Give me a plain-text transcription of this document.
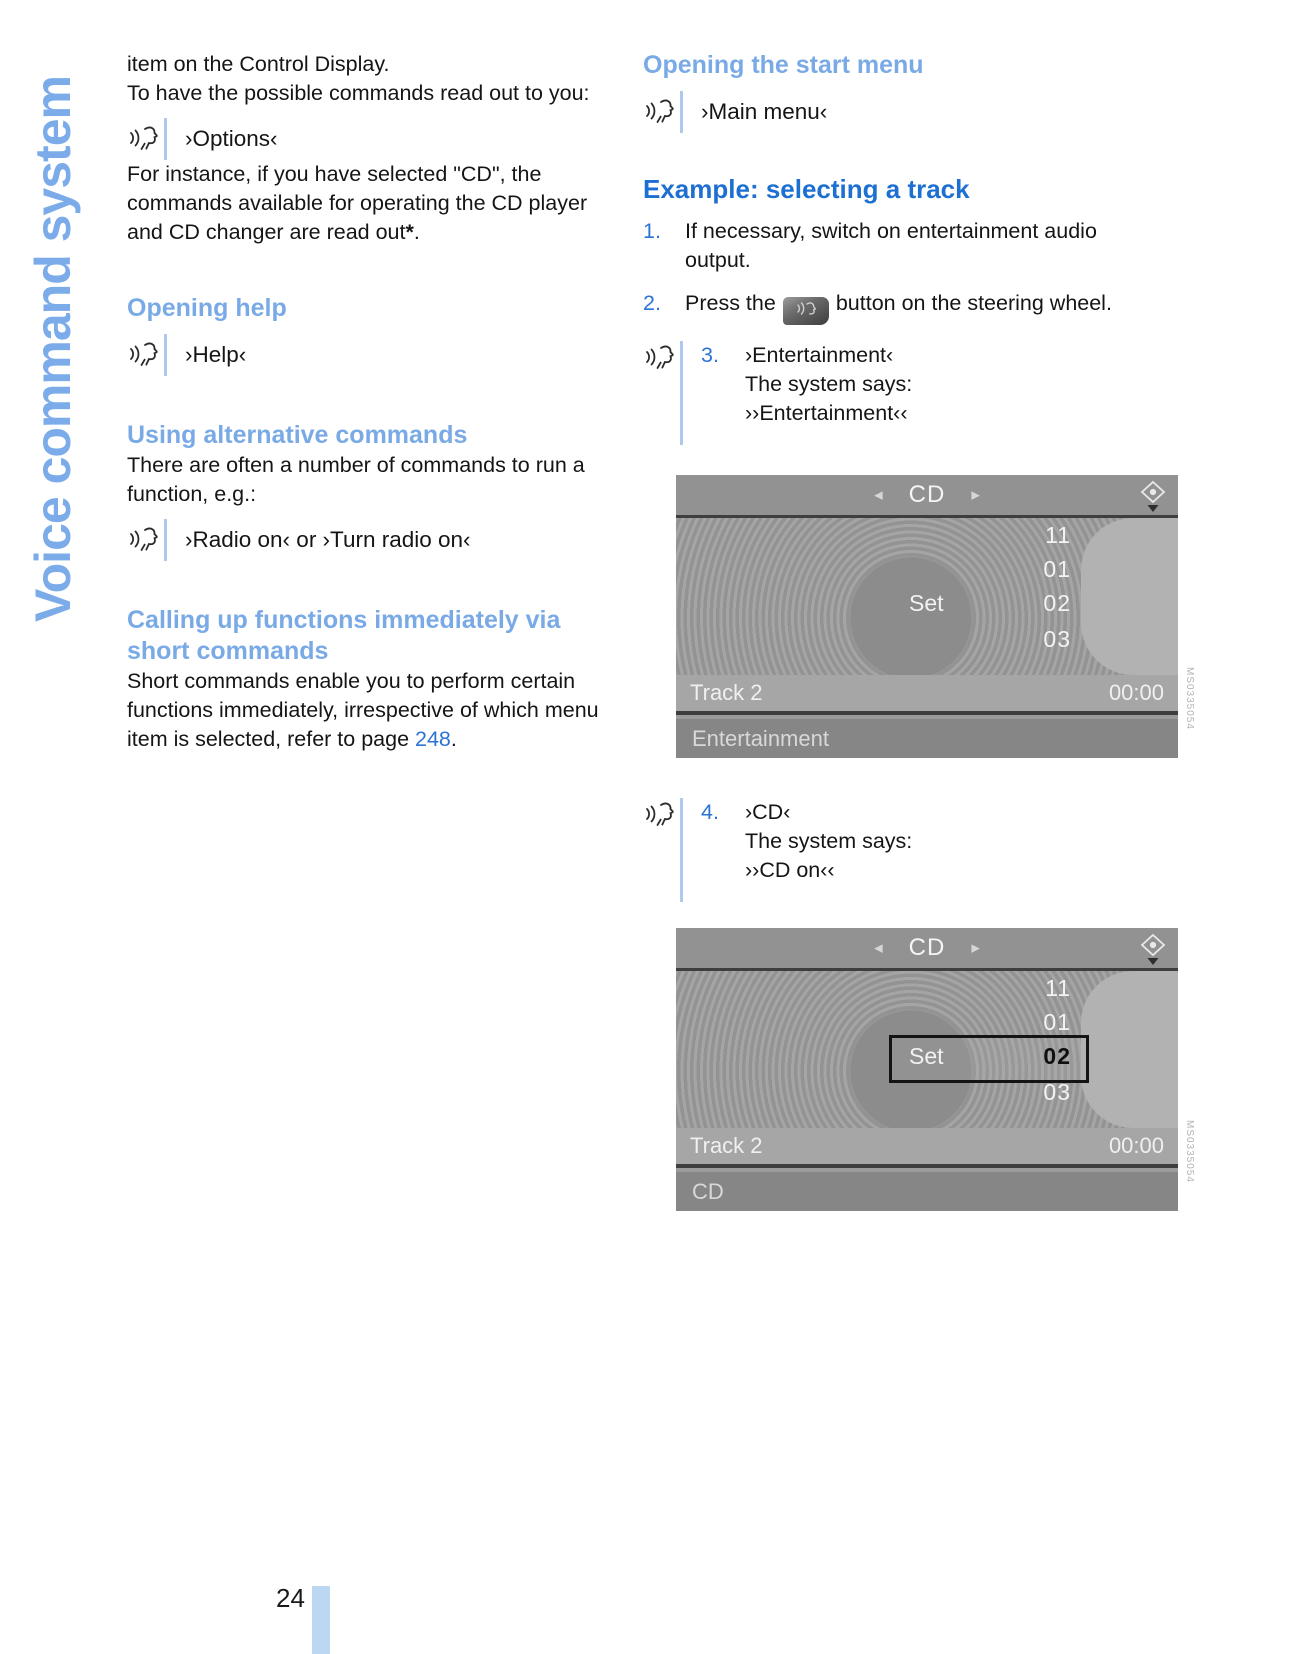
Voice command system

item on the Control Display.
To have the possible commands read out to you:

›Options‹

For instance, if you have selected "CD", the commands available for operating the CD player and CD changer are read out*.

Opening help
›Help‹
Using alternative commands

There are often a number of commands to run a function, e.g.:

›Radio on‹ or ›Turn radio on‹
Calling up functions immediately via short commands

Short commands enable you to perform certain functions immediately, irrespective of which menu item is selected, refer to page 248.

Opening the start menu
›Main menu‹
Example: selecting a track
1.	If necessary, switch on entertainment audio output.
2.	Press the	button on the steering wheel.
3.	›Entertainment‹
The system says:
››Entertainment‹‹
◂ CD ▸
11
01
02
03
Set
Track 2	00:00
Entertainment
MS0335054
4.	›CD‹
The system says:
››CD on‹‹
◂ CD ▸
11
01
02
03
Set
Track 2	00:00
CD
MS0335054
24
